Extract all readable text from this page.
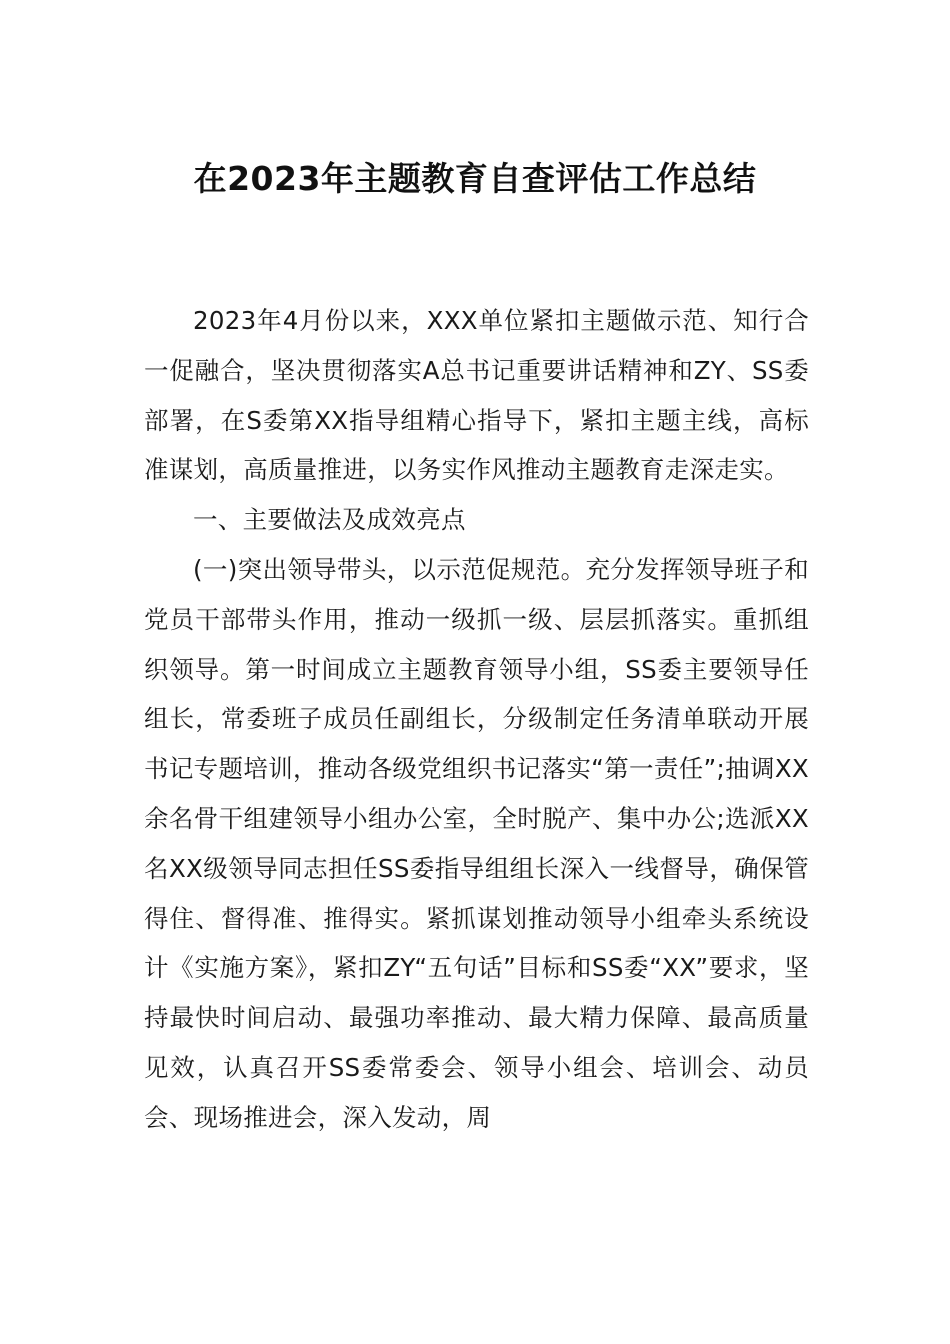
在2023年主题教育自查评估工作总结

2023年4月份以来，XXX单位紧扣主题做示范、知行合一促融合，坚决贯彻落实A总书记重要讲话精神和ZY、SS委部署，在S委第XX指导组精心指导下，紧扣主题主线，高标准谋划，高质量推进，以务实作风推动主题教育走深走实。

一、主要做法及成效亮点

(一)突出领导带头，以示范促规范。充分发挥领导班子和党员干部带头作用，推动一级抓一级、层层抓落实。重抓组织领导。第一时间成立主题教育领导小组，SS委主要领导任组长，常委班子成员任副组长，分级制定任务清单联动开展书记专题培训，推动各级党组织书记落实“第一责任”;抽调XX余名骨干组建领导小组办公室，全时脱产、集中办公;选派XX名XX级领导同志担任SS委指导组组长深入一线督导，确保管得住、督得准、推得实。紧抓谋划推动领导小组牵头系统设计《实施方案》，紧扣ZY“五句话”目标和SS委“XX”要求，坚持最快时间启动、最强功率推动、最大精力保障、最高质量见效，认真召开SS委常委会、领导小组会、培训会、动员会、现场推进会，深入发动，周
